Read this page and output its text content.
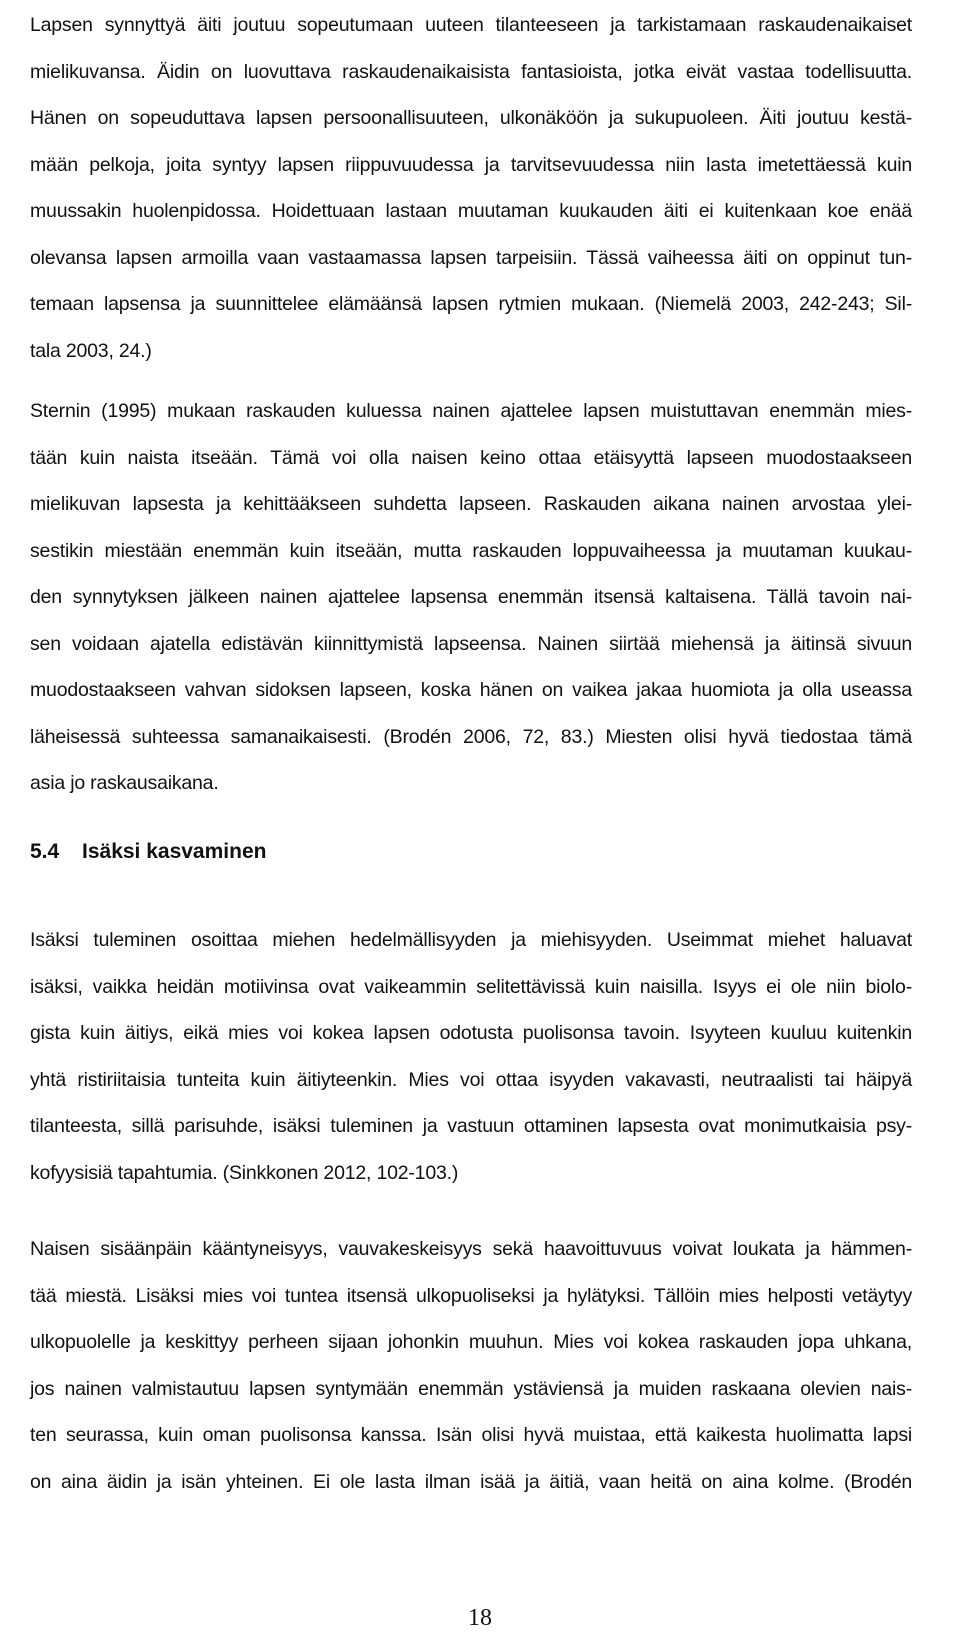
Lapsen synnyttyä äiti joutuu sopeutumaan uuteen tilanteeseen ja tarkistamaan raskaudenaikaiset
mielikuvansa. Äidin on luovuttava raskaudenaikaisista fantasioista, jotka eivät vastaa todellisuutta.
Hänen on sopeuduttava lapsen persoonallisuuteen, ulkonäköön ja sukupuoleen. Äiti joutuu kestä-
mään pelkoja, joita syntyy lapsen riippuvuudessa ja tarvitsevuudessa niin lasta imetettäessä kuin
muussakin huolenpidossa. Hoidettuaan lastaan muutaman kuukauden äiti ei kuitenkaan koe enää
olevansa lapsen armoilla vaan vastaamassa lapsen tarpeisiin. Tässä vaiheessa äiti on oppinut tun-
temaan lapsensa ja suunnittelee elämäänsä lapsen rytmien mukaan. (Niemelä 2003, 242-243; Sil-
tala 2003, 24.)
Sternin (1995) mukaan raskauden kuluessa nainen ajattelee lapsen muistuttavan enemmän mies-
tään kuin naista itseään. Tämä voi olla naisen keino ottaa etäisyyttä lapseen muodostaakseen
mielikuvan lapsesta ja kehittääkseen suhdetta lapseen. Raskauden aikana nainen arvostaa ylei-
sestikin miestään enemmän kuin itseään, mutta raskauden loppuvaiheessa ja muutaman kuukau-
den synnytyksen jälkeen nainen ajattelee lapsensa enemmän itsensä kaltaisena. Tällä tavoin nai-
sen voidaan ajatella edistävän kiinnittymistä lapseensa. Nainen siirtää miehensä ja äitinsä sivuun
muodostaakseen vahvan sidoksen lapseen, koska hänen on vaikea jakaa huomiota ja olla useassa
läheisessä suhteessa samanaikaisesti. (Brodén 2006, 72, 83.) Miesten olisi hyvä tiedostaa tämä
asia jo raskausaikana.
5.4	Isäksi kasvaminen
Isäksi tuleminen osoittaa miehen hedelmällisyyden ja miehisyyden. Useimmat miehet haluavat
isäksi, vaikka heidän motiivinsa ovat vaikeammin selitettävissä kuin naisilla. Isyys ei ole niin biolo-
gista kuin äitiys, eikä mies voi kokea lapsen odotusta puolisonsa tavoin. Isyyteen kuuluu kuitenkin
yhtä ristiriitaisia tunteita kuin äitiyteenkin. Mies voi ottaa isyyden vakavasti, neutraalisti tai häipyä
tilanteesta, sillä parisuhde, isäksi tuleminen ja vastuun ottaminen lapsesta ovat monimutkaisia psy-
kofyysisiä tapahtumia. (Sinkkonen 2012, 102-103.)
Naisen sisäänpäin kääntyneisyys, vauvakeskeisyys sekä haavoittuvuus voivat loukata ja hämmen-
tää miestä. Lisäksi mies voi tuntea itsensä ulkopuoliseksi ja hylätyksi. Tällöin mies helposti vetäytyy
ulkopuolelle ja keskittyy perheen sijaan johonkin muuhun. Mies voi kokea raskauden jopa uhkana,
jos nainen valmistautuu lapsen syntymään enemmän ystäviensä ja muiden raskaana olevien nais-
ten seurassa, kuin oman puolisonsa kanssa. Isän olisi hyvä muistaa, että kaikesta huolimatta lapsi
on aina äidin ja isän yhteinen. Ei ole lasta ilman isää ja äitiä, vaan heitä on aina kolme. (Brodén
18
